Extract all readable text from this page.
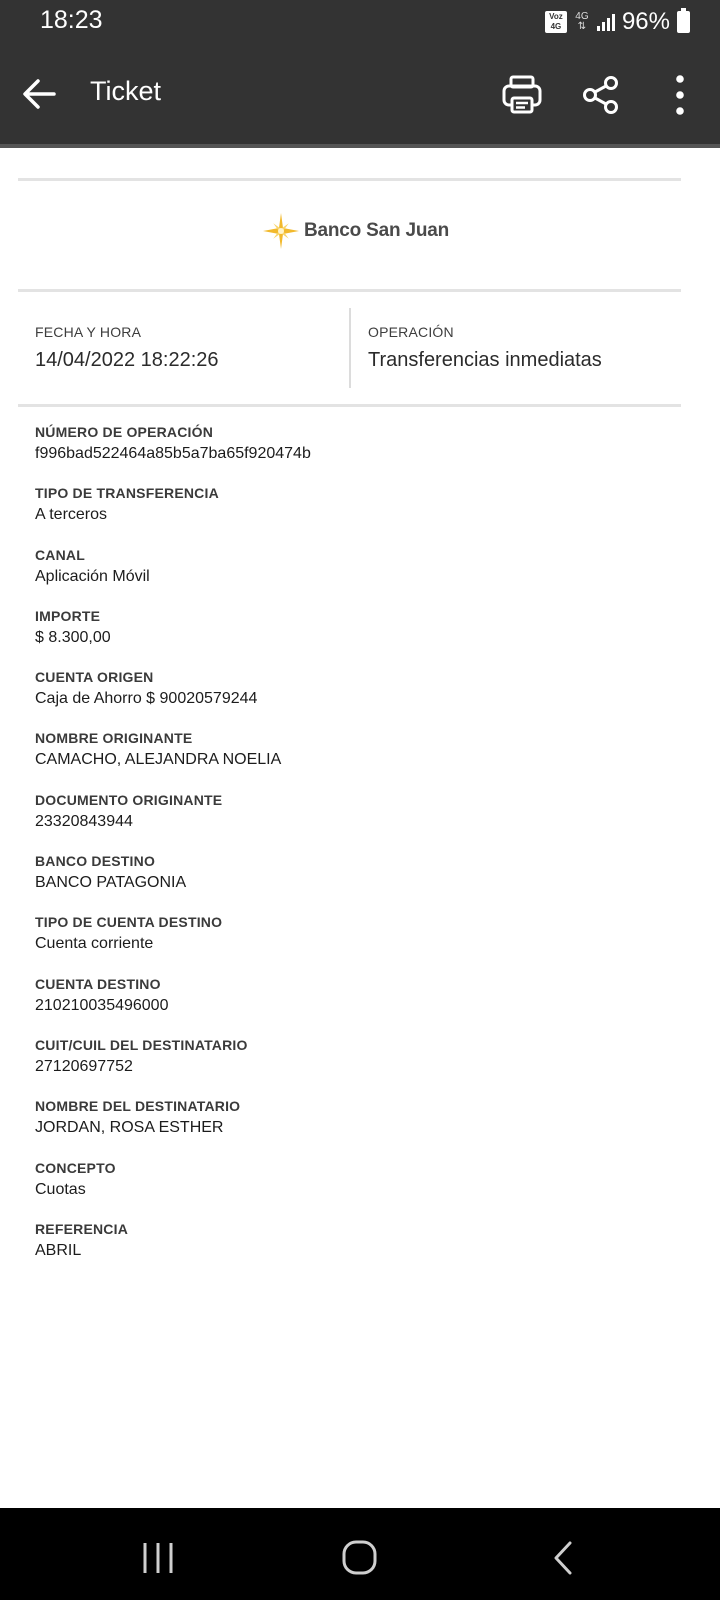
18:23	Voz
4G
4G
⇅ 96%
Ticket
Banco San Juan
FECHA Y HORA
14/04/2022 18:22:26
OPERACIÓN
Transferencias inmediatas
NÚMERO DE OPERACIÓN
f996bad522464a85b5a7ba65f920474b
TIPO DE TRANSFERENCIA
A terceros
CANAL
Aplicación Móvil
IMPORTE
$ 8.300,00
CUENTA ORIGEN
Caja de Ahorro $ 90020579244
NOMBRE ORIGINANTE
CAMACHO, ALEJANDRA NOELIA
DOCUMENTO ORIGINANTE
23320843944
BANCO DESTINO
BANCO PATAGONIA
TIPO DE CUENTA DESTINO
Cuenta corriente
CUENTA DESTINO
210210035496000
CUIT/CUIL DEL DESTINATARIO
27120697752
NOMBRE DEL DESTINATARIO
JORDAN, ROSA ESTHER
CONCEPTO
Cuotas
REFERENCIA
ABRIL
